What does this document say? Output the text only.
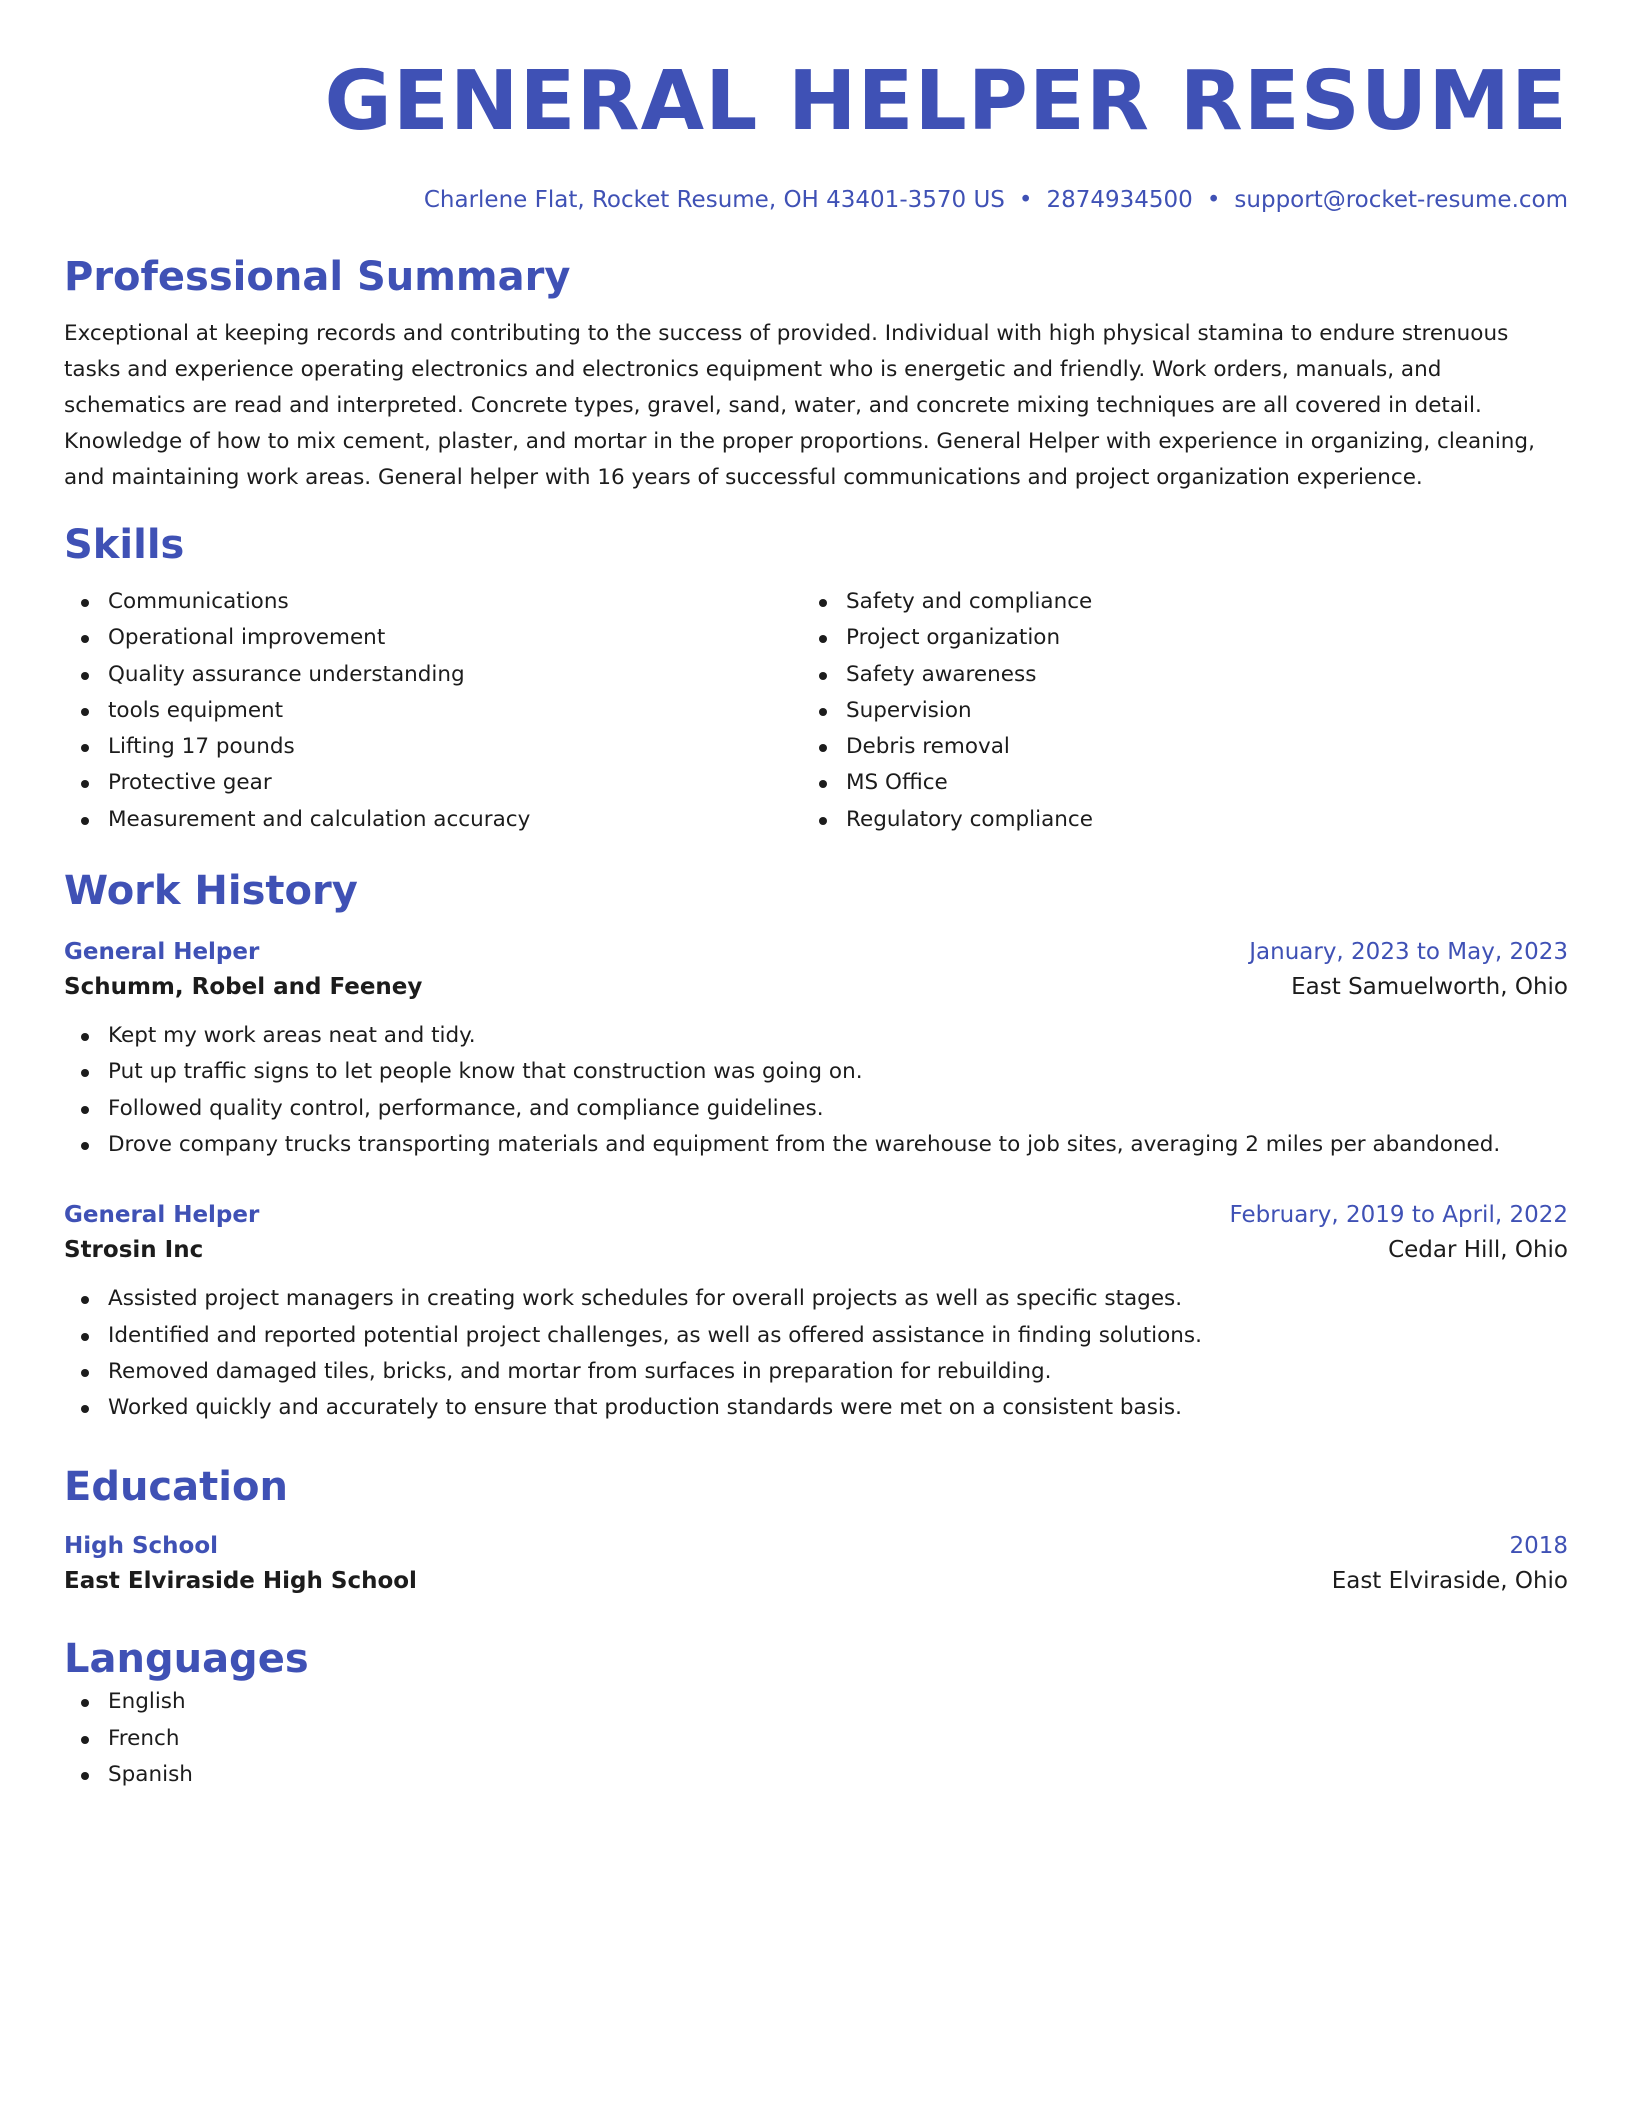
GENERAL HELPER RESUME
Charlene Flat, Rocket Resume, OH 43401-3570 US • 2874934500 • support@rocket-resume.com
Professional Summary
Exceptional at keeping records and contributing to the success of provided. Individual with high physical stamina to endure strenuous tasks and experience operating electronics and electronics equipment who is energetic and friendly. Work orders, manuals, and schematics are read and interpreted. Concrete types, gravel, sand, water, and concrete mixing techniques are all covered in detail. Knowledge of how to mix cement, plaster, and mortar in the proper proportions. General Helper with experience in organizing, cleaning, and maintaining work areas. General helper with 16 years of successful communications and project organization experience.
Skills
Communications
Operational improvement
Quality assurance understanding
tools equipment
Lifting 17 pounds
Protective gear
Measurement and calculation accuracy
Safety and compliance
Project organization
Safety awareness
Supervision
Debris removal
MS Office
Regulatory compliance
Work History
General Helper	January, 2023 to May, 2023
Schumm, Robel and Feeney	East Samuelworth, Ohio
Kept my work areas neat and tidy.
Put up traffic signs to let people know that construction was going on.
Followed quality control, performance, and compliance guidelines.
Drove company trucks transporting materials and equipment from the warehouse to job sites, averaging 2 miles per abandoned.
General Helper	February, 2019 to April, 2022
Strosin Inc	Cedar Hill, Ohio
Assisted project managers in creating work schedules for overall projects as well as specific stages.
Identified and reported potential project challenges, as well as offered assistance in finding solutions.
Removed damaged tiles, bricks, and mortar from surfaces in preparation for rebuilding.
Worked quickly and accurately to ensure that production standards were met on a consistent basis.
Education
High School	2018
East Elviraside High School	East Elviraside, Ohio
Languages
English
French
Spanish
